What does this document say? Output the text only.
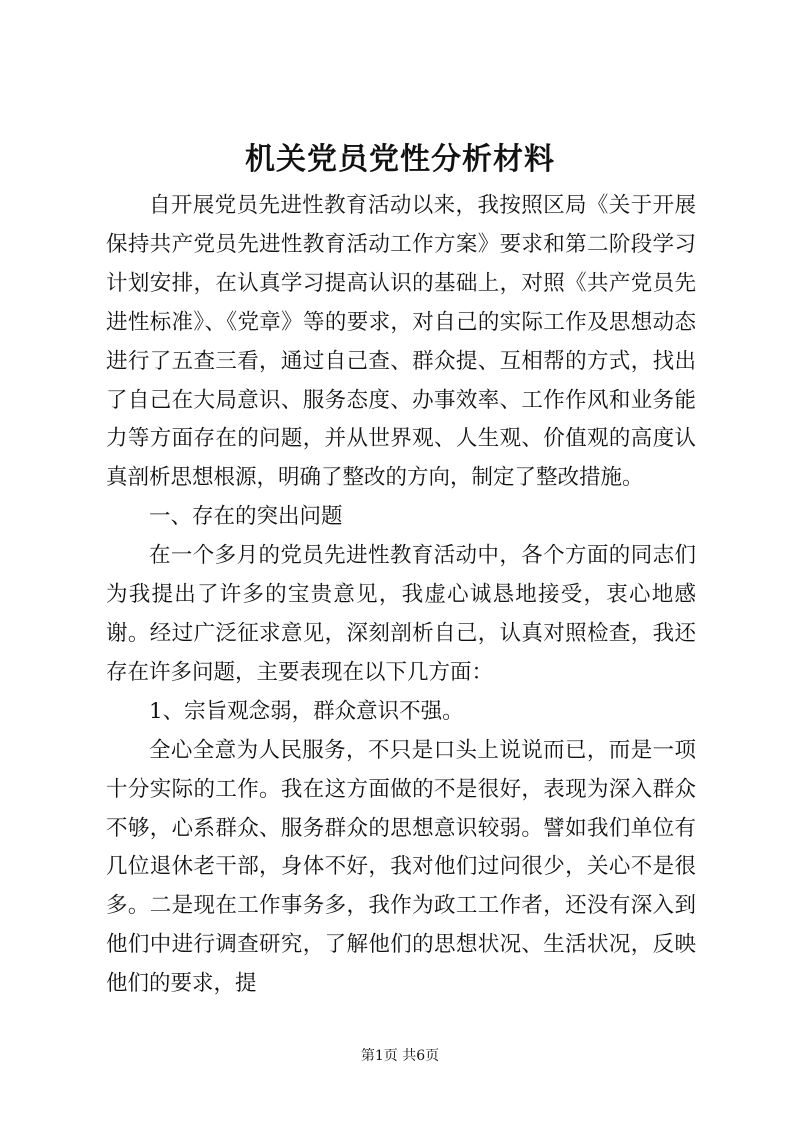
机关党员党性分析材料

自开展党员先进性教育活动以来，我按照区局《关于开展保持共产党员先进性教育活动工作方案》要求和第二阶段学习计划安排，在认真学习提高认识的基础上，对照《共产党员先进性标准》、《党章》等的要求，对自己的实际工作及思想动态进行了五查三看，通过自己查、群众提、互相帮的方式，找出了自己在大局意识、服务态度、办事效率、工作作风和业务能力等方面存在的问题，并从世界观、人生观、价值观的高度认真剖析思想根源，明确了整改的方向，制定了整改措施。

一、存在的突出问题

在一个多月的党员先进性教育活动中，各个方面的同志们为我提出了许多的宝贵意见，我虚心诚恳地接受，衷心地感谢。经过广泛征求意见，深刻剖析自己，认真对照检查，我还存在许多问题，主要表现在以下几方面：

1、宗旨观念弱，群众意识不强。

全心全意为人民服务，不只是口头上说说而已，而是一项十分实际的工作。我在这方面做的不是很好，表现为深入群众不够，心系群众、服务群众的思想意识较弱。譬如我们单位有几位退休老干部，身体不好，我对他们过问很少，关心不是很多。二是现在工作事务多，我作为政工工作者，还没有深入到他们中进行调查研究，了解他们的思想状况、生活状况，反映他们的要求，提

第1页 共6页
